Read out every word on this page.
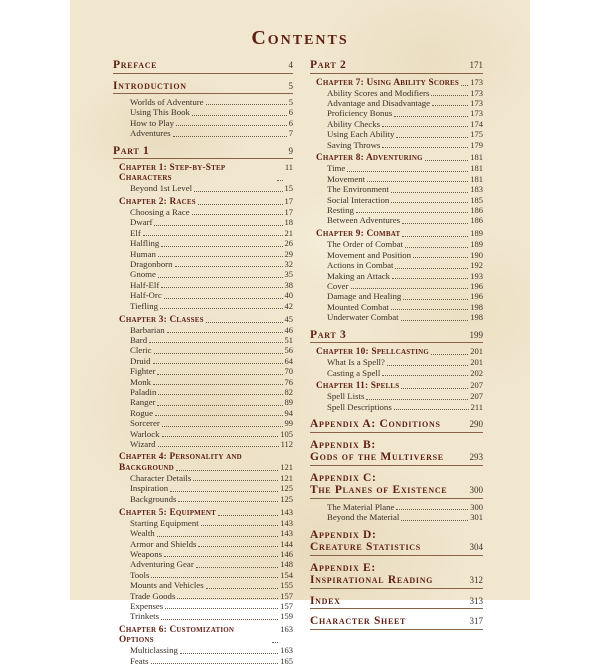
Contents
Preface	4
Introduction	5
Worlds of Adventure	5
Using This Book	6
How to Play	6
Adventures	7
Part 1	9
Chapter 1: Step-by-Step Characters
11
Beyond 1st Level	15
Chapter 2: Races	17
Choosing a Race	17
Dwarf	18
Elf	21
Halfling	26
Human	29
Dragonborn	32
Gnome	35
Half-Elf	38
Half-Orc	40
Tiefling	42
Chapter 3: Classes	45
Barbarian	46
Bard	51
Cleric	56
Druid	64
Fighter	70
Monk	76
Paladin	82
Ranger	89
Rogue	94
Sorcerer	99
Warlock	105
Wizard	112
Chapter 4: Personality and
Background	121
Character Details	121
Inspiration	125
Backgrounds	125
Chapter 5: Equipment	143
Starting Equipment	143
Wealth	143
Armor and Shields	144
Weapons	146
Adventuring Gear	148
Tools	154
Mounts and Vehicles	155
Trade Goods	157
Expenses	157
Trinkets	159
Chapter 6: Customization Options
163
Multiclassing	163
Feats	165
Part 2	171
Chapter 7: Using Ability Scores 173
Ability Scores and Modifiers	173
Advantage and Disadvantage	173
Proficiency Bonus	173
Ability Checks	174
Using Each Ability	175
Saving Throws	179
Chapter 8: Adventuring	181
Time	181
Movement	181
The Environment	183
Social Interaction	185
Resting	186
Between Adventures	186
Chapter 9: Combat	189
The Order of Combat	189
Movement and Position	190
Actions in Combat	192
Making an Attack	193
Cover	196
Damage and Healing	196
Mounted Combat	198
Underwater Combat	198
Part 3	199
Chapter 10: Spellcasting	201
What Is a Spell?	201
Casting a Spell	202
Chapter 11: Spells	207
Spell Lists	207
Spell Descriptions	211
Appendix A: Conditions	290
Appendix B:
Gods of the Multiverse	293
Appendix C:
The Planes of Existence 300
The Material Plane	300
Beyond the Material	301
Appendix D:
Creature Statistics	304
Appendix E:
Inspirational Reading	312
Index	313
Character Sheet	317
